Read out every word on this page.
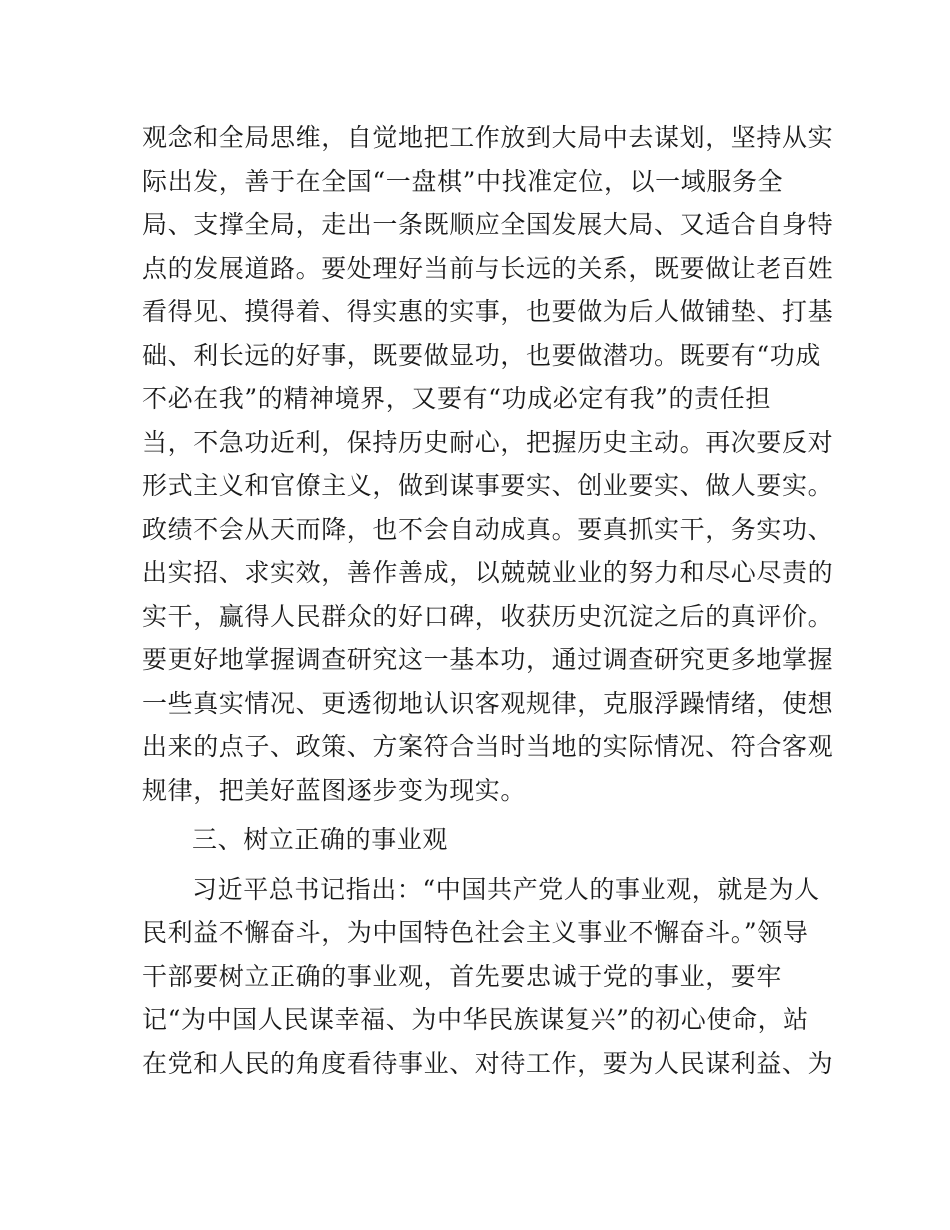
观念和全局思维，自觉地把工作放到大局中去谋划，坚持从实
际出发，善于在全国“一盘棋”中找准定位，以一域服务全
局、支撑全局，走出一条既顺应全国发展大局、又适合自身特
点的发展道路。要处理好当前与长远的关系，既要做让老百姓
看得见、摸得着、得实惠的实事，也要做为后人做铺垫、打基
础、利长远的好事，既要做显功，也要做潜功。既要有“功成
不必在我”的精神境界，又要有“功成必定有我”的责任担
当，不急功近利，保持历史耐心，把握历史主动。再次要反对
形式主义和官僚主义，做到谋事要实、创业要实、做人要实。
政绩不会从天而降，也不会自动成真。要真抓实干，务实功、
出实招、求实效，善作善成，以兢兢业业的努力和尽心尽责的
实干，赢得人民群众的好口碑，收获历史沉淀之后的真评价。
要更好地掌握调查研究这一基本功，通过调查研究更多地掌握
一些真实情况、更透彻地认识客观规律，克服浮躁情绪，使想
出来的点子、政策、方案符合当时当地的实际情况、符合客观
规律，把美好蓝图逐步变为现实。
三、树立正确的事业观
习近平总书记指出：“中国共产党人的事业观，就是为人
民利益不懈奋斗，为中国特色社会主义事业不懈奋斗。”领导
干部要树立正确的事业观，首先要忠诚于党的事业，要牢
记“为中国人民谋幸福、为中华民族谋复兴”的初心使命，站
在党和人民的角度看待事业、对待工作，要为人民谋利益、为
